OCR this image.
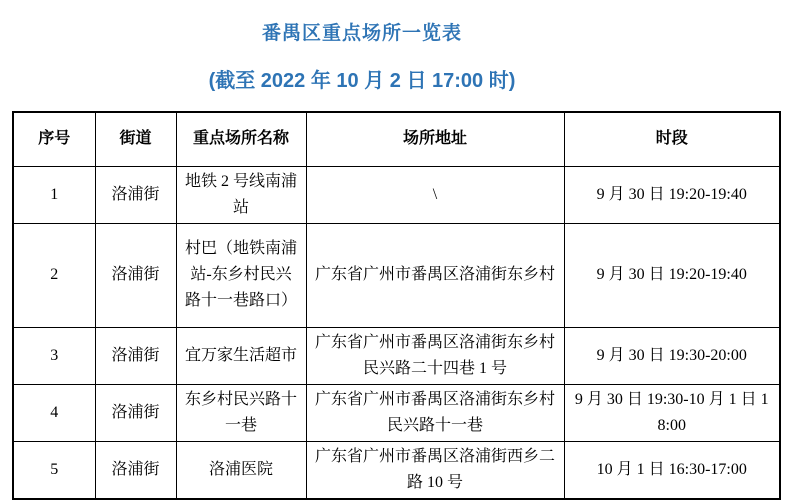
番禺区重点场所一览表
(截至 2022 年 10 月 2 日 17:00 时)
序号	街道	重点场所名称	场所地址	时段
1	洛浦街	地铁 2 号线南浦站	\	9 月 30 日 19:20-19:40
2	洛浦街	村巴（地铁南浦站-东乡村民兴路十一巷路口）	广东省广州市番禺区洛浦街东乡村	9 月 30 日 19:20-19:40
3	洛浦街	宜万家生活超市	广东省广州市番禺区洛浦街东乡村民兴路二十四巷 1 号	9 月 30 日 19:30-20:00
4	洛浦街	东乡村民兴路十一巷	广东省广州市番禺区洛浦街东乡村民兴路十一巷	9 月 30 日 19:30-10 月 1 日 18:00
5	洛浦街	洛浦医院	广东省广州市番禺区洛浦街西乡二路 10 号	10 月 1 日 16:30-17:00
